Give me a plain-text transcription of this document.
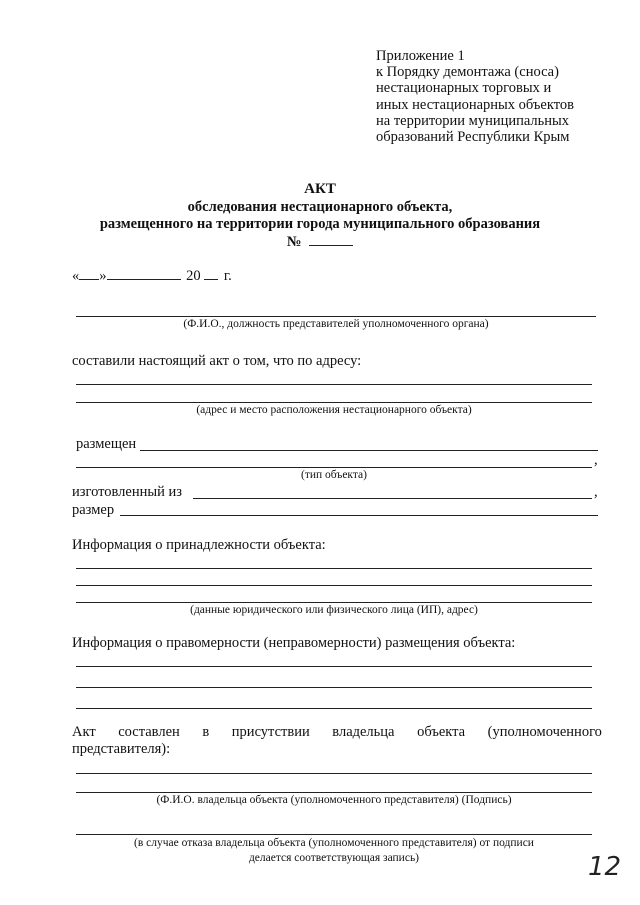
Приложение 1
к Порядку демонтажа (сноса)
нестационарных торговых и
иных нестационарных объектов
на территории муниципальных
образований Республики Крым
АКТ
обследования нестационарного объекта,
размещенного на территории города муниципального образования
№
« »	20 г.
(Ф.И.О., должность представителей уполномоченного органа)
составили настоящий акт о том, что по адресу:
(адрес и место расположения нестационарного объекта)
размещен
,
(тип объекта)
изготовленный из	,
размер
Информация о принадлежности объекта:
(данные юридического или физического лица (ИП), адрес)
Информация о правомерности (неправомерности) размещения объекта:
Акт составлен в присутствии владельца объекта (уполномоченного
представителя):
(Ф.И.О. владельца объекта (уполномоченного представителя) (Подпись)
(в случае отказа владельца объекта (уполномоченного представителя) от подписи
делается соответствующая запись)	12
